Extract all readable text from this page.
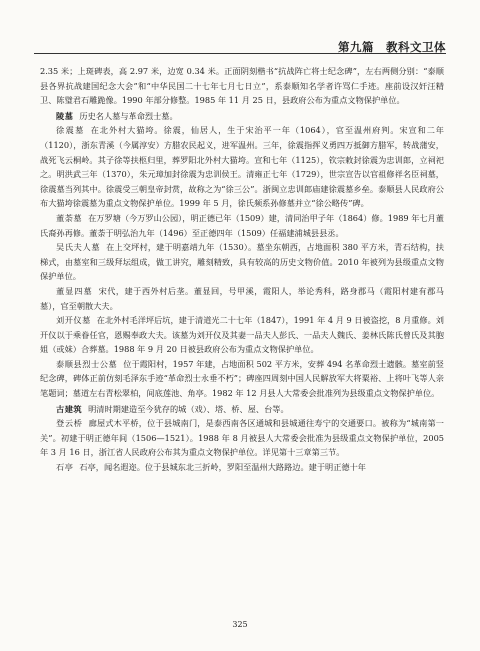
第九篇　教科文卫体

2.35 米；上斑碑表，高 2.97 米，边宽 0.34 米。正面阴刻楷书“抗战阵亡将士纪念碑”，左右两侧分别：“泰顺县各界抗战建国纪念大会”和“中华民国二十七年七月七日立”，系泰顺知名学者许骂仁手迹。座前设汉奸汪精卫、陈璧君石雕跪像。1990 年部分修整。1985 年 11 月 25 日，县政府公布为重点文物保护单位。

陵墓 历史名人墓与革命烈士墓。

徐震墓 在北外村大猫垮。徐震，仙居人，生于宋治平一年（1064），官至温州府判。宋宣和二年（1120），浙东青溪（今属淳安）方腊农民起义，进军温州。三年，徐震指挥义勇四万抵御方腊军，转战蒲安，战死飞云桐岭。其子徐等扶柩归里，葬罗阳北外村大猫垮。宣和七年（1125），钦宗敕封徐震为忠训郎，立祠祀之。明洪武三年（1370），朱元璋加封徐震为忠训侯王。清雍正七年（1729），世宗宣告以官祖修祥名臣祠墓，徐震墓当列其中。徐震受三朝皇帝封赏，故称之为“徐三公”。浙闽立忠训郎庙建徐震墓乡垒。泰顺县人民政府公布大猫垮徐震墓为重点文物保护单位。1999 年 5 月，徐氏频系孙修墓并立“徐公略传”碑。

董荼墓 在万罗塘（今万罗山公园），明正德已年（1509）建，清同治甲子年（1864）修。1989 年七月董氏裔孙再修。董荼于明弘治九年（1496）至正德四年（1509）任福建浦城县县丞。

吴氏夫人墓 在上交坪村，建于明嘉靖九年（1530）。墓坐东朝西，占地面积 380 平方米，青石结构，扶梯式，由墓室和三级拜坛组成，做工讲究，雕刻精致，具有较高的历史文物价值。2010 年被列为县级重点文物保护单位。

董显四墓 宋代，建于西外村后垄。董显回，号甲溪，霞阳人，举论秀科，路身郡马（霞阳村建有郡马墓），官至朝散大夫。

刘开仪墓 在北外村毛洋坪后坑，建于清道光二十七年（1847），1991 年 4 月 9 日被盗挖，8 月重修。刘开仪以于乘眷任官，恩赐奉政大夫。该墓为刘开仪及其妻一品夫人彭氏、一品夫人魏氏、姜林氏陈氏曾氏及其胞姐（或妹）合葬墓。1988 年 9 月 20 日被县政府公布为重点文物保护单位。

泰顺县烈士公墓 位于霞阳村，1957 年建，占地面积 502 平方米，安葬 494 名革命烈士遗骸。墓室前竖纪念碑，碑体正前仿刻毛泽东手迹“革命烈士永垂不朽”；碑座四周刻中国人民解放军大将粟裕、上将叶飞等人亲笔题词；墓道左右青松翠柏，间底莲池、角亭。1982 年 12 月县人大常委会批准列为县级重点文物保护单位。

古建筑 明清时期建造至今犹存的城（戏）、塔、桥、屋、台等。

登云桥 廊屋式木平桥，位于县城南门，是泰西南各区通城和县城通往寿宁的交通要口。被称为“城南第一关”。初建于明正德年间（1506—1521）。1988 年 8 月被县人大常委会批准为县级重点文物保护单位，2005 年 3 月 16 日，浙江省人民政府公布其为重点文物保护单位。详见第十三章第三节。

石亭 石亭，闻名遐迩。位于县城东北三折岭，罗阳至温州大路路边。建于明正德十年

325
